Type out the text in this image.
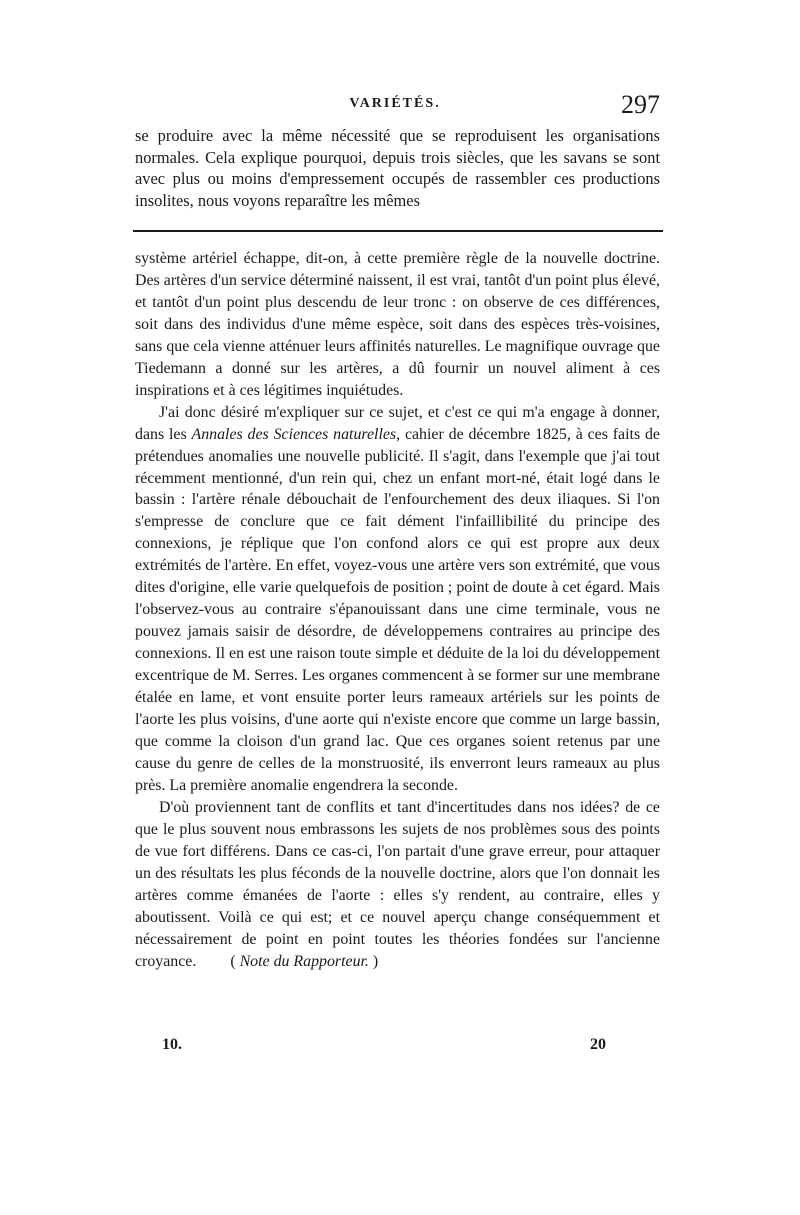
VARIÉTÉS.	297

se produire avec la même nécessité que se reproduisent les organisations normales. Cela explique pourquoi, depuis trois siècles, que les savans se sont avec plus ou moins d'empressement occupés de rassembler ces productions insolites, nous voyons reparaître les mêmes

système artériel échappe, dit-on, à cette première règle de la nouvelle doctrine. Des artères d'un service déterminé naissent, il est vrai, tantôt d'un point plus élevé, et tantôt d'un point plus descendu de leur tronc : on observe de ces différences, soit dans des individus d'une même espèce, soit dans des espèces très-voisines, sans que cela vienne atténuer leurs affinités naturelles. Le magnifique ouvrage que Tiedemann a donné sur les artères, a dû fournir un nouvel aliment à ces inspirations et à ces légitimes inquiétudes.

J'ai donc désiré m'expliquer sur ce sujet, et c'est ce qui m'a engage à donner, dans les Annales des Sciences naturelles, cahier de décembre 1825, à ces faits de prétendues anomalies une nouvelle publicité. Il s'agit, dans l'exemple que j'ai tout récemment mentionné, d'un rein qui, chez un enfant mort-né, était logé dans le bassin : l'artère rénale débouchait de l'enfourchement des deux iliaques. Si l'on s'empresse de conclure que ce fait dément l'infaillibilité du principe des connexions, je réplique que l'on confond alors ce qui est propre aux deux extrémités de l'artère. En effet, voyez-vous une artère vers son extrémité, que vous dites d'origine, elle varie quelquefois de position ; point de doute à cet égard. Mais l'observez-vous au contraire s'épanouissant dans une cime terminale, vous ne pouvez jamais saisir de désordre, de développemens contraires au principe des connexions. Il en est une raison toute simple et déduite de la loi du développement excentrique de M. Serres. Les organes commencent à se former sur une membrane étalée en lame, et vont ensuite porter leurs rameaux artériels sur les points de l'aorte les plus voisins, d'une aorte qui n'existe encore que comme un large bassin, que comme la cloison d'un grand lac. Que ces organes soient retenus par une cause du genre de celles de la monstruosité, ils enverront leurs rameaux au plus près. La première anomalie engendrera la seconde.

D'où proviennent tant de conflits et tant d'incertitudes dans nos idées? de ce que le plus souvent nous embrassons les sujets de nos problèmes sous des points de vue fort différens. Dans ce cas-ci, l'on partait d'une grave erreur, pour attaquer un des résultats les plus féconds de la nouvelle doctrine, alors que l'on donnait les artères comme émanées de l'aorte : elles s'y rendent, au contraire, elles y aboutissent. Voilà ce qui est; et ce nouvel aperçu change conséquemment et nécessairement de point en point toutes les théories fondées sur l'ancienne croyance. ( Note du Rapporteur. )

10.	20
